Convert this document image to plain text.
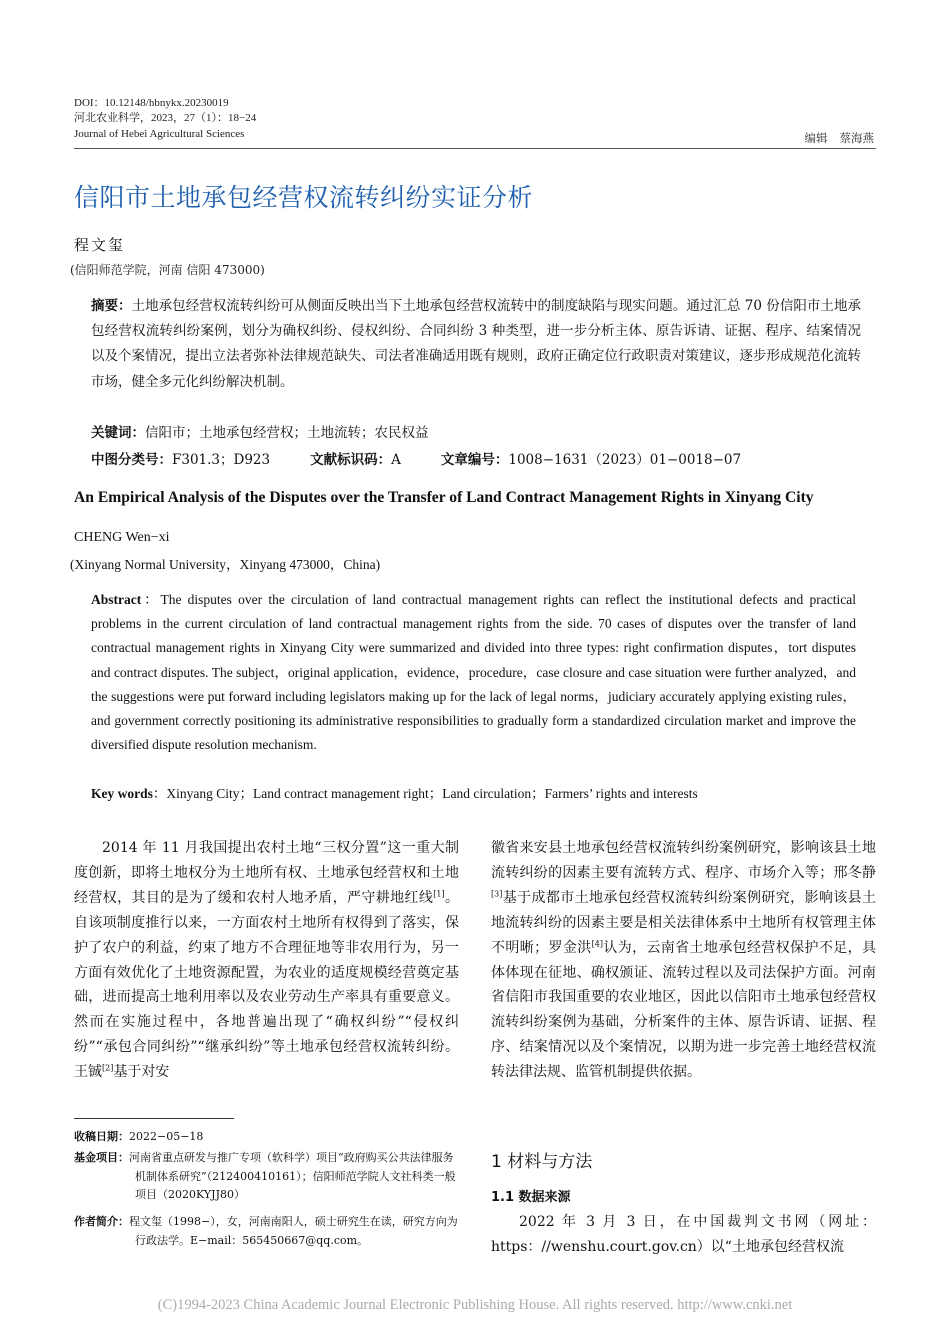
DOI：10.12148/hbnykx.20230019
河北农业科学，2023，27（1）：18−24
Journal of Hebei Agricultural Sciences	编辑 蔡海燕
信阳市土地承包经营权流转纠纷实证分析
程文玺
(信阳师范学院，河南 信阳 473000)

摘要：土地承包经营权流转纠纷可从侧面反映出当下土地承包经营权流转中的制度缺陷与现实问题。通过汇总 70 份信阳市土地承包经营权流转纠纷案例，划分为确权纠纷、侵权纠纷、合同纠纷 3 种类型，进一步分析主体、原告诉请、证据、程序、结案情况以及个案情况，提出立法者弥补法律规范缺失、司法者准确适用既有规则，政府正确定位行政职责对策建议，逐步形成规范化流转市场，健全多元化纠纷解决机制。

关键词：信阳市；土地承包经营权；土地流转；农民权益
中图分类号：F301.3；D923	文献标识码：A	文章编号：1008−1631（2023）01−0018−07
An Empirical Analysis of the Disputes over the Transfer of Land Contract Management Rights in Xinyang City
CHENG Wen−xi
(Xinyang Normal University，Xinyang 473000，China)
Abstract：The disputes over the circulation of land contractual management rights can reflect the institutional defects and practical problems in the current circulation of land contractual management rights from the side. 70 cases of disputes over the transfer of land contractual management rights in Xinyang City were summarized and divided into three types: right confirmation disputes，tort disputes and contract disputes. The subject，original application，evidence，procedure，case closure and case situation were further analyzed，and the suggestions were put forward including legislators making up for the lack of legal norms，judiciary accurately applying existing rules，and government correctly positioning its administrative responsibilities to gradually form a standardized circulation market and improve the diversified dispute resolution mechanism.
Key words：Xinyang City；Land contract management right；Land circulation；Farmers’ rights and interests

2014 年 11 月我国提出农村土地“三权分置”这一重大制度创新，即将土地权分为土地所有权、土地承包经营权和土地经营权，其目的是为了缓和农村人地矛盾，严守耕地红线[1]。自该项制度推行以来，一方面农村土地所有权得到了落实，保护了农户的利益，约束了地方不合理征地等非农用行为，另一方面有效优化了土地资源配置，为农业的适度规模经营奠定基础，进而提高土地利用率以及农业劳动生产率具有重要意义。然而在实施过程中，各地普遍出现了“确权纠纷”“侵权纠纷”“承包合同纠纷”“继承纠纷”等土地承包经营权流转纠纷。王铖[2]基于对安

收稿日期：2022−05−18
基金项目：河南省重点研发与推广专项（软科学）项目“政府购买公共法律服务机制体系研究”（212400410161）；信阳师范学院人文社科类一般项目（2020KYJJ80）
作者简介：程文玺（1998−），女，河南南阳人，硕士研究生在读，研究方向为行政法学。E−mail：565450667@qq.com。

徽省来安县土地承包经营权流转纠纷案例研究，影响该县土地流转纠纷的因素主要有流转方式、程序、市场介入等；邢冬静[3]基于成都市土地承包经营权流转纠纷案例研究，影响该县土地流转纠纷的因素主要是相关法律体系中土地所有权管理主体不明晰；罗金洪[4]认为，云南省土地承包经营权保护不足，具体体现在征地、确权颁证、流转过程以及司法保护方面。河南省信阳市我国重要的农业地区，因此以信阳市土地承包经营权流转纠纷案例为基础，分析案件的主体、原告诉请、证据、程序、结案情况以及个案情况，以期为进一步完善土地经营权流转法律法规、监管机制提供依据。

1 材料与方法
1.1 数据来源

2022 年 3 月 3 日，在中国裁判文书网（网址：https：//wenshu.court.gov.cn）以“土地承包经营权流

(C)1994-2023 China Academic Journal Electronic Publishing House. All rights reserved. http://www.cnki.net
